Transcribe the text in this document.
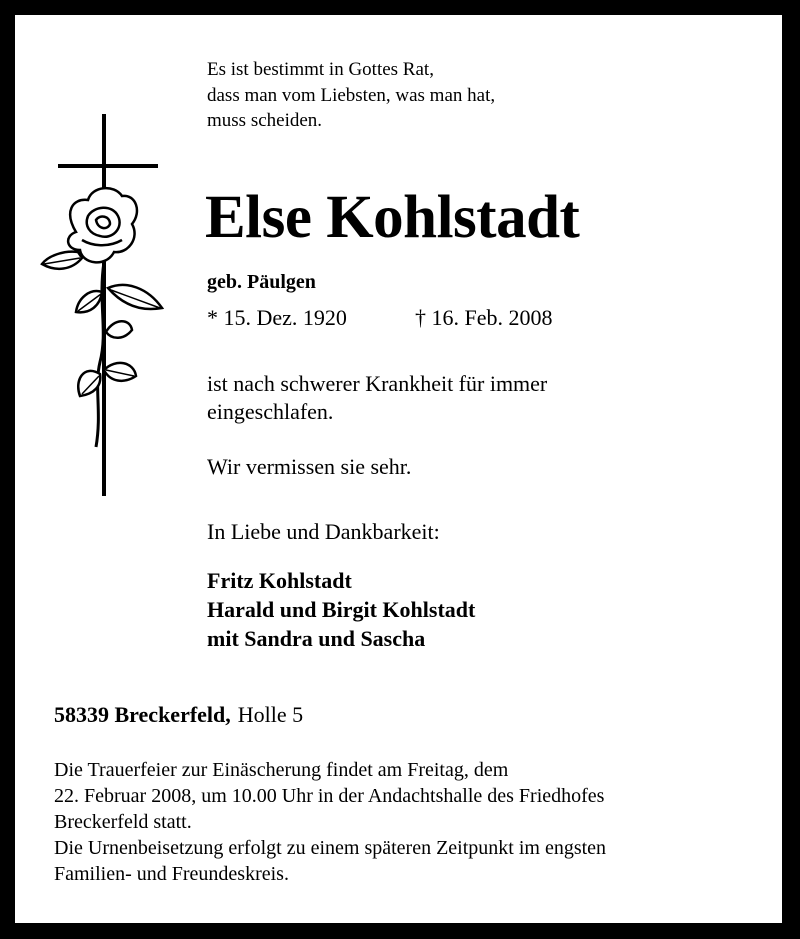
Es ist bestimmt in Gottes Rat,

dass man vom Liebsten, was man hat,

muss scheiden.

Else Kohlstadt

geb. Päulgen

* 15. Dez. 1920	† 16. Feb. 2008

ist nach schwerer Krankheit für immer

eingeschlafen.

Wir vermissen sie sehr.

In Liebe und Dankbarkeit:

Fritz Kohlstadt

Harald und Birgit Kohlstadt

mit Sandra und Sascha

58339 Breckerfeld, Holle 5

Die Trauerfeier zur Einäscherung findet am Freitag, dem

22. Februar 2008, um 10.00 Uhr in der Andachtshalle des Friedhofes

Breckerfeld statt.

Die Urnenbeisetzung erfolgt zu einem späteren Zeitpunkt im engsten

Familien- und Freundeskreis.
